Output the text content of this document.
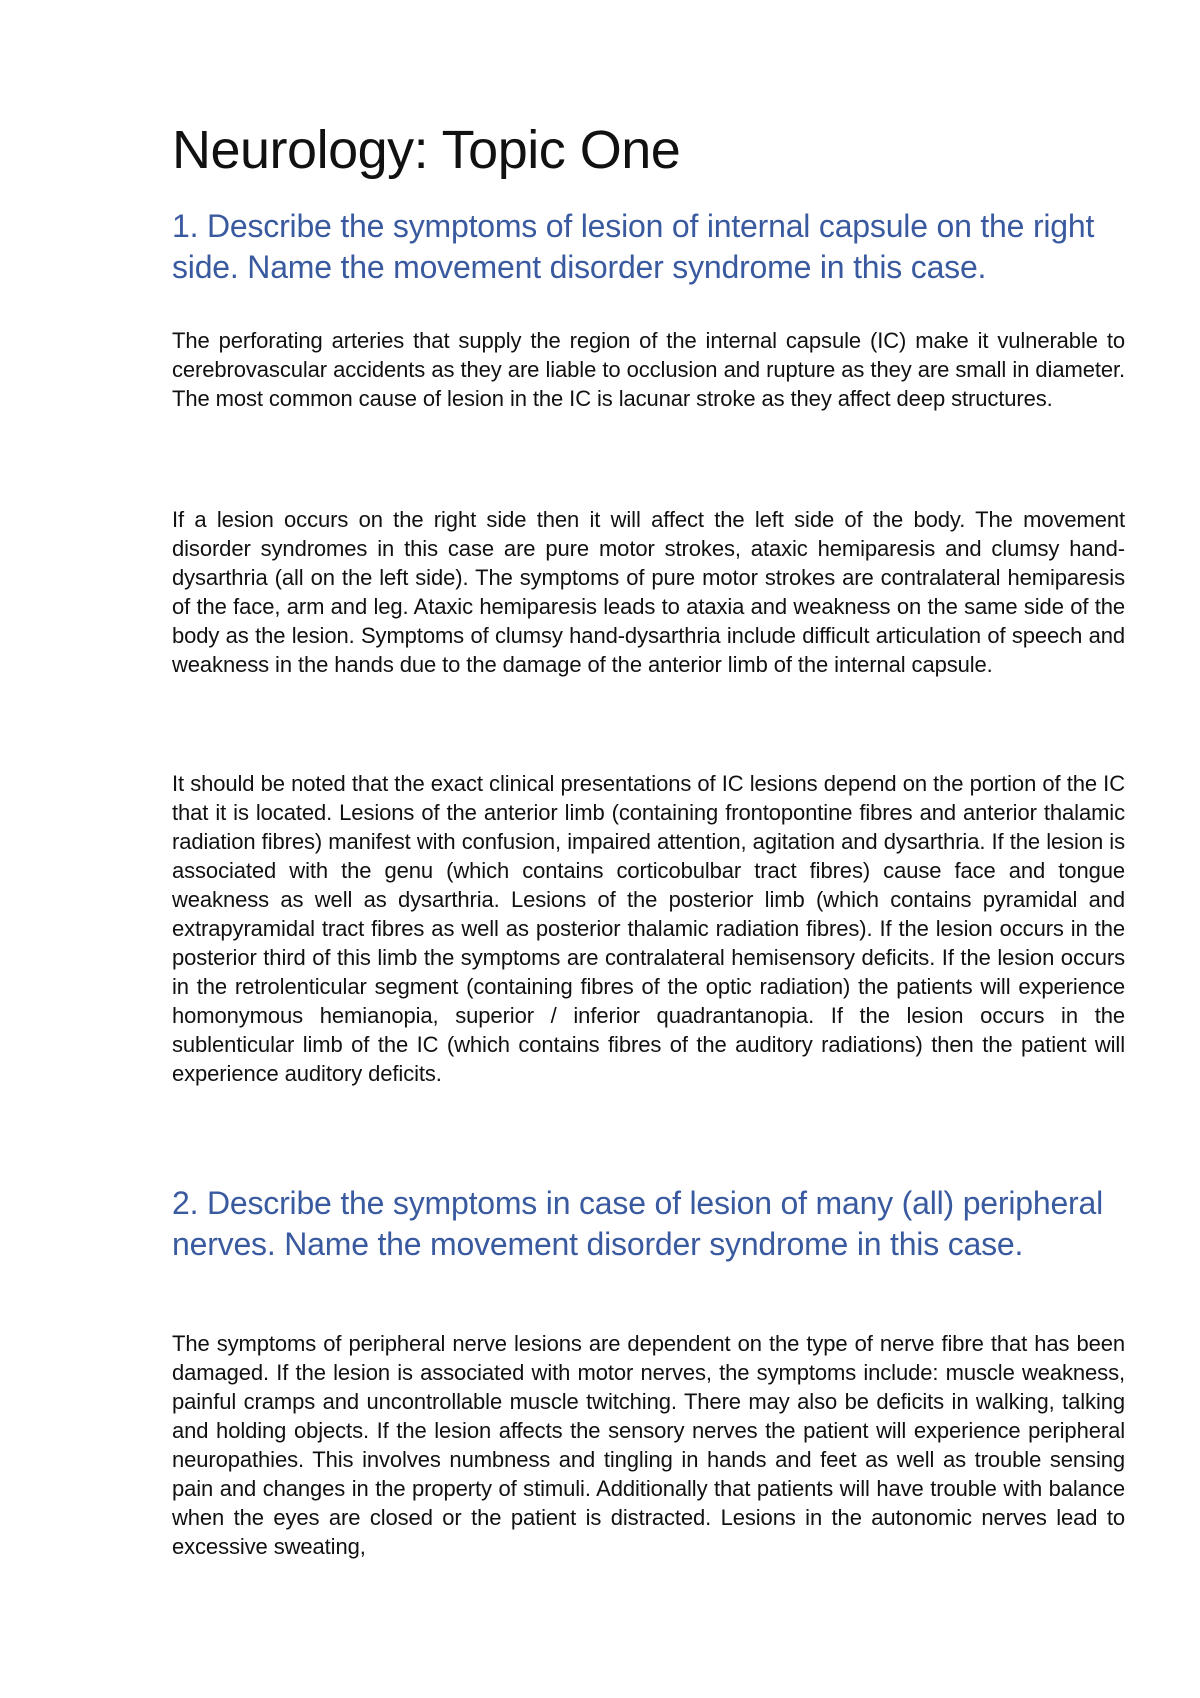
Neurology: Topic One
1. Describe the symptoms of lesion of internal capsule on the right side. Name the movement disorder syndrome in this case.

The perforating arteries that supply the region of the internal capsule (IC) make it vulnerable to cerebrovascular accidents as they are liable to occlusion and rupture as they are small in diameter. The most common cause of lesion in the IC is lacunar stroke as they affect deep structures.

If a lesion occurs on the right side then it will affect the left side of the body. The movement disorder syndromes in this case are pure motor strokes, ataxic hemiparesis and clumsy hand-dysarthria (all on the left side). The symptoms of pure motor strokes are contralateral hemiparesis of the face, arm and leg. Ataxic hemiparesis leads to ataxia and weakness on the same side of the body as the lesion. Symptoms of clumsy hand-dysarthria include difficult articulation of speech and weakness in the hands due to the damage of the anterior limb of the internal capsule.

It should be noted that the exact clinical presentations of IC lesions depend on the portion of the IC that it is located. Lesions of the anterior limb (containing frontopontine fibres and anterior thalamic radiation fibres) manifest with confusion, impaired attention, agitation and dysarthria. If the lesion is associated with the genu (which contains corticobulbar tract fibres) cause face and tongue weakness as well as dysarthria. Lesions of the posterior limb (which contains pyramidal and extrapyramidal tract fibres as well as posterior thalamic radiation fibres). If the lesion occurs in the posterior third of this limb the symptoms are contralateral hemisensory deficits. If the lesion occurs in the retrolenticular segment (containing fibres of the optic radiation) the patients will experience homonymous hemianopia, superior / inferior quadrantanopia. If the lesion occurs in the sublenticular limb of the IC (which contains fibres of the auditory radiations) then the patient will experience auditory deficits.

2. Describe the symptoms in case of lesion of many (all) peripheral nerves. Name the movement disorder syndrome in this case.

The symptoms of peripheral nerve lesions are dependent on the type of nerve fibre that has been damaged. If the lesion is associated with motor nerves, the symptoms include: muscle weakness, painful cramps and uncontrollable muscle twitching. There may also be deficits in walking, talking and holding objects. If the lesion affects the sensory nerves the patient will experience peripheral neuropathies. This involves numbness and tingling in hands and feet as well as trouble sensing pain and changes in the property of stimuli. Additionally that patients will have trouble with balance when the eyes are closed or the patient is distracted. Lesions in the autonomic nerves lead to excessive sweating,
